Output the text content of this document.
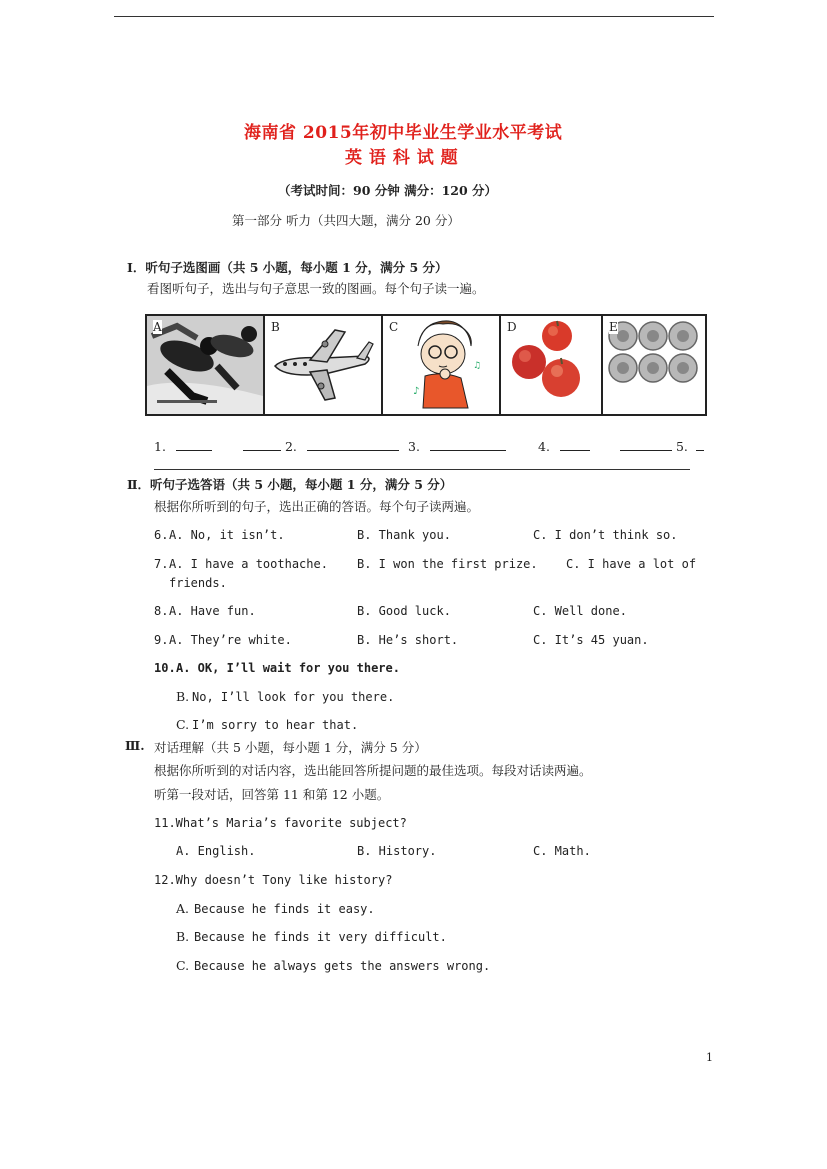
海南省 2015年初中毕业生学业水平考试
英 语 科 试 题
（考试时间：90 分钟 满分：120 分）
第一部分 听力（共四大题，满分 20 分）
I．听句子选图画（共 5 小题，每小题 1 分，满分 5 分）
看图听句子，选出与句子意思一致的图画。每个句子读一遍。
A	B
♪
♫
C	D	E
1.	2.	3.	4.	5.
Ⅱ．听句子选答语（共 5 小题，每小题 1 分，满分 5 分）
根据你所听到的句子，选出正确的答语。每个句子读两遍。
6. A. No, it isn’t.	B. Thank you.	C. I don’t think so.
7. A. I have a toothache. B. I won the first prize. C. I have a lot of
friends.
8. A. Have fun.	B. Good luck.	C. Well done.
9. A. They’re white.	B. He’s short.	C. It’s 45 yuan.
10. A. OK, I’ll wait for you there.
B. No, I’ll look for you there.
C. I’m sorry to hear that.
Ⅲ. 对话理解（共 5 小题，每小题 1 分，满分 5 分）
根据你所听到的对话内容，选出能回答所提问题的最佳选项。每段对话读两遍。
听第一段对话，回答第 11 和第 12 小题。
11.What’s Maria’s favorite subject?
A. English.	B. History.	C. Math.
12.Why doesn’t Tony like history?
A. Because he finds it easy.
B. Because he finds it very difficult.
C. Because he always gets the answers wrong.
1
